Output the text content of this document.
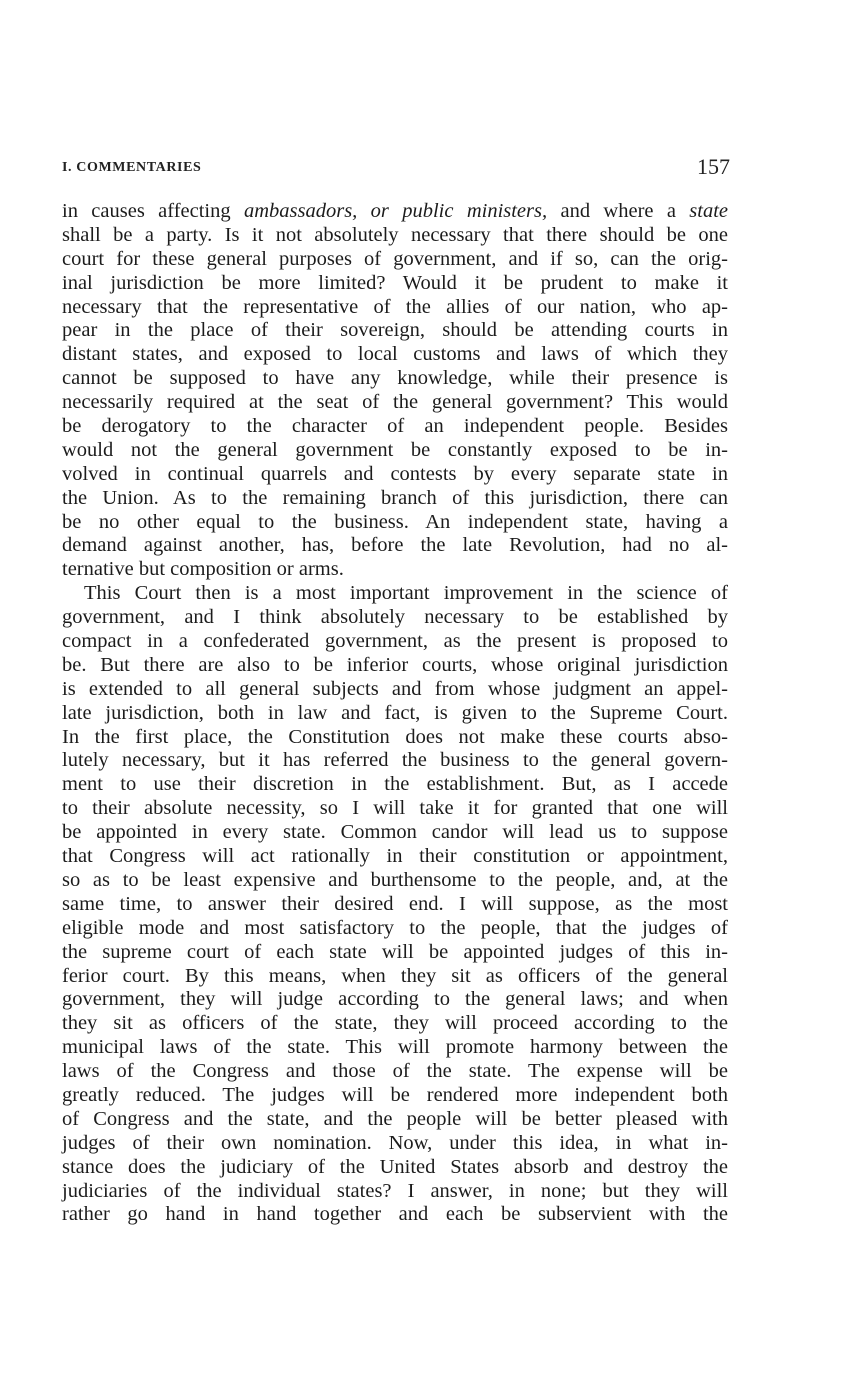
I. COMMENTARIES	157
in causes affecting ambassadors, or public ministers, and where a state
shall be a party. Is it not absolutely necessary that there should be one
court for these general purposes of government, and if so, can the orig-
inal jurisdiction be more limited? Would it be prudent to make it
necessary that the representative of the allies of our nation, who ap-
pear in the place of their sovereign, should be attending courts in
distant states, and exposed to local customs and laws of which they
cannot be supposed to have any knowledge, while their presence is
necessarily required at the seat of the general government? This would
be derogatory to the character of an independent people. Besides
would not the general government be constantly exposed to be in-
volved in continual quarrels and contests by every separate state in
the Union. As to the remaining branch of this jurisdiction, there can
be no other equal to the business. An independent state, having a
demand against another, has, before the late Revolution, had no al-
ternative but composition or arms.
This Court then is a most important improvement in the science of
government, and I think absolutely necessary to be established by
compact in a confederated government, as the present is proposed to
be. But there are also to be inferior courts, whose original jurisdiction
is extended to all general subjects and from whose judgment an appel-
late jurisdiction, both in law and fact, is given to the Supreme Court.
In the first place, the Constitution does not make these courts abso-
lutely necessary, but it has referred the business to the general govern-
ment to use their discretion in the establishment. But, as I accede
to their absolute necessity, so I will take it for granted that one will
be appointed in every state. Common candor will lead us to suppose
that Congress will act rationally in their constitution or appointment,
so as to be least expensive and burthensome to the people, and, at the
same time, to answer their desired end. I will suppose, as the most
eligible mode and most satisfactory to the people, that the judges of
the supreme court of each state will be appointed judges of this in-
ferior court. By this means, when they sit as officers of the general
government, they will judge according to the general laws; and when
they sit as officers of the state, they will proceed according to the
municipal laws of the state. This will promote harmony between the
laws of the Congress and those of the state. The expense will be
greatly reduced. The judges will be rendered more independent both
of Congress and the state, and the people will be better pleased with
judges of their own nomination. Now, under this idea, in what in-
stance does the judiciary of the United States absorb and destroy the
judiciaries of the individual states? I answer, in none; but they will
rather go hand in hand together and each be subservient with the
